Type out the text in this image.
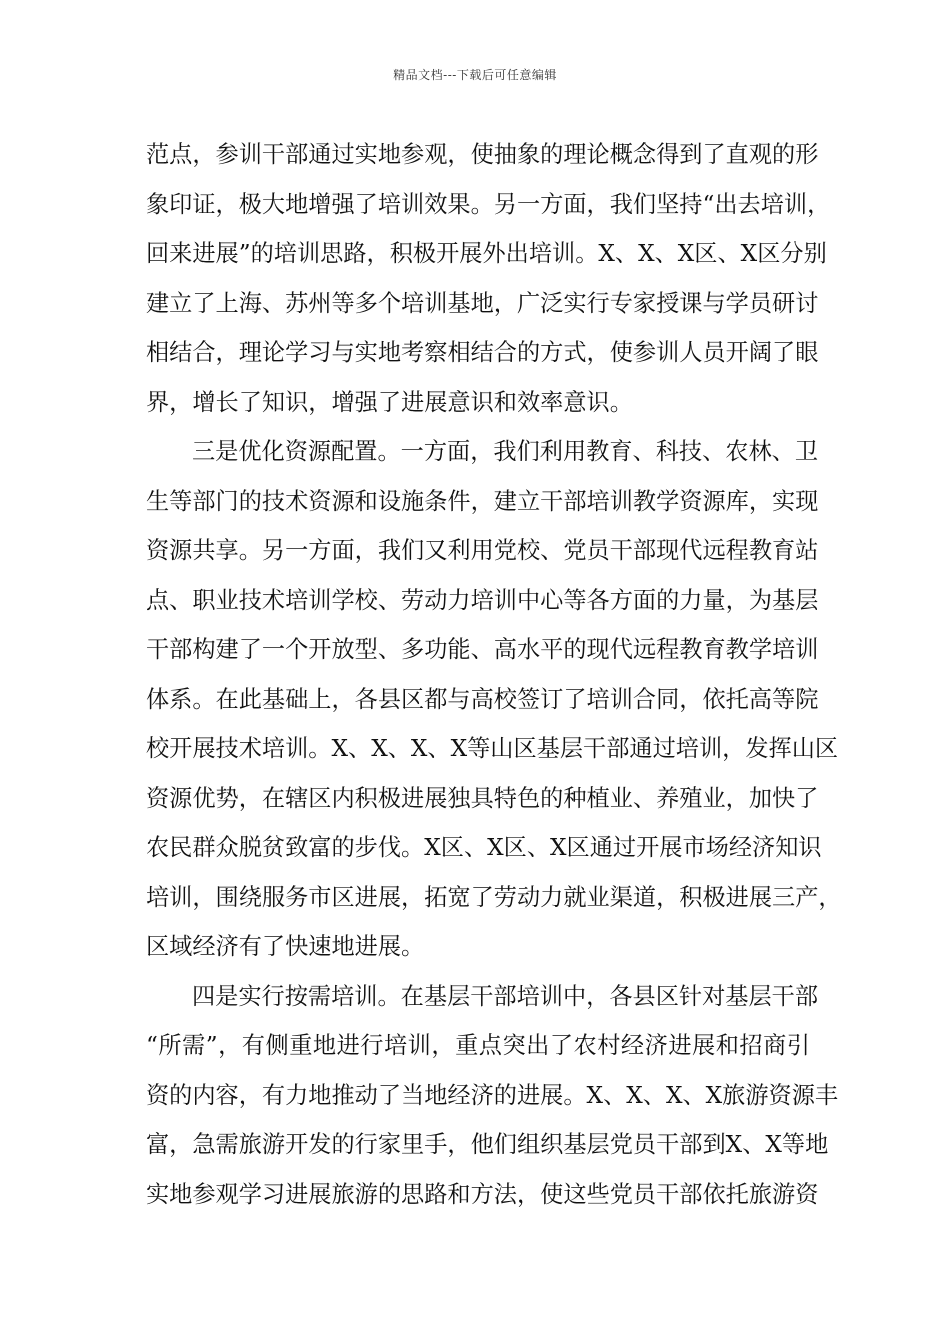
精品文档---下载后可任意编辑
范点，参训干部通过实地参观，使抽象的理论概念得到了直观的形
象印证，极大地增强了培训效果。另一方面，我们坚持“出去培训，
回来进展”的培训思路，积极开展外出培训。X、X、X区、X区分别
建立了上海、苏州等多个培训基地，广泛实行专家授课与学员研讨
相结合，理论学习与实地考察相结合的方式，使参训人员开阔了眼
界，增长了知识，增强了进展意识和效率意识。
三是优化资源配置。一方面，我们利用教育、科技、农林、卫
生等部门的技术资源和设施条件，建立干部培训教学资源库，实现
资源共享。另一方面，我们又利用党校、党员干部现代远程教育站
点、职业技术培训学校、劳动力培训中心等各方面的力量，为基层
干部构建了一个开放型、多功能、高水平的现代远程教育教学培训
体系。在此基础上，各县区都与高校签订了培训合同，依托高等院
校开展技术培训。X、X、X、X等山区基层干部通过培训，发挥山区
资源优势，在辖区内积极进展独具特色的种植业、养殖业，加快了
农民群众脱贫致富的步伐。X区、X区、X区通过开展市场经济知识
培训，围绕服务市区进展，拓宽了劳动力就业渠道，积极进展三产，
区域经济有了快速地进展。
四是实行按需培训。在基层干部培训中，各县区针对基层干部
“所需”，有侧重地进行培训，重点突出了农村经济进展和招商引
资的内容，有力地推动了当地经济的进展。X、X、X、X旅游资源丰
富，急需旅游开发的行家里手，他们组织基层党员干部到X、X等地
实地参观学习进展旅游的思路和方法，使这些党员干部依托旅游资
